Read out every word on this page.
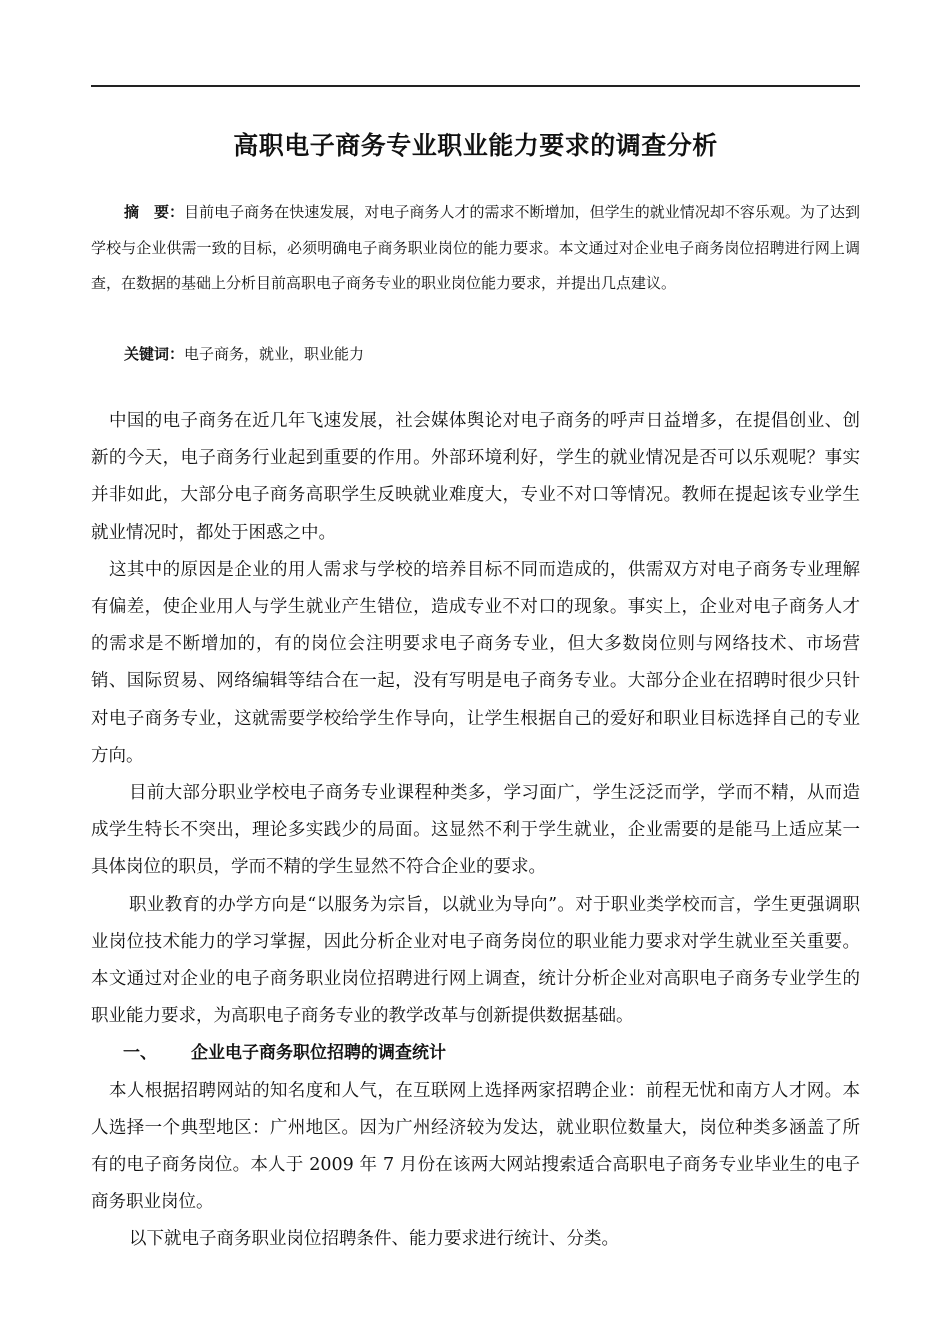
高职电子商务专业职业能力要求的调查分析

摘　要：目前电子商务在快速发展，对电子商务人才的需求不断增加，但学生的就业情况却不容乐观。为了达到学校与企业供需一致的目标，必须明确电子商务职业岗位的能力要求。本文通过对企业电子商务岗位招聘进行网上调查，在数据的基础上分析目前高职电子商务专业的职业岗位能力要求，并提出几点建议。

关键词：电子商务，就业，职业能力

中国的电子商务在近几年飞速发展，社会媒体舆论对电子商务的呼声日益增多，在提倡创业、创新的今天，电子商务行业起到重要的作用。外部环境利好，学生的就业情况是否可以乐观呢？事实并非如此，大部分电子商务高职学生反映就业难度大，专业不对口等情况。教师在提起该专业学生就业情况时，都处于困惑之中。

这其中的原因是企业的用人需求与学校的培养目标不同而造成的，供需双方对电子商务专业理解有偏差，使企业用人与学生就业产生错位，造成专业不对口的现象。事实上，企业对电子商务人才的需求是不断增加的，有的岗位会注明要求电子商务专业，但大多数岗位则与网络技术、市场营销、国际贸易、网络编辑等结合在一起，没有写明是电子商务专业。大部分企业在招聘时很少只针对电子商务专业，这就需要学校给学生作导向，让学生根据自己的爱好和职业目标选择自己的专业方向。

目前大部分职业学校电子商务专业课程种类多，学习面广，学生泛泛而学，学而不精，从而造成学生特长不突出，理论多实践少的局面。这显然不利于学生就业，企业需要的是能马上适应某一具体岗位的职员，学而不精的学生显然不符合企业的要求。

职业教育的办学方向是“以服务为宗旨，以就业为导向”。对于职业类学校而言，学生更强调职业岗位技术能力的学习掌握，因此分析企业对电子商务岗位的职业能力要求对学生就业至关重要。本文通过对企业的电子商务职业岗位招聘进行网上调查，统计分析企业对高职电子商务专业学生的职业能力要求，为高职电子商务专业的教学改革与创新提供数据基础。

一、 企业电子商务职位招聘的调查统计

本人根据招聘网站的知名度和人气，在互联网上选择两家招聘企业：前程无忧和南方人才网。本人选择一个典型地区：广州地区。因为广州经济较为发达，就业职位数量大，岗位种类多涵盖了所有的电子商务岗位。本人于 2009 年 7 月份在该两大网站搜索适合高职电子商务专业毕业生的电子商务职业岗位。

以下就电子商务职业岗位招聘条件、能力要求进行统计、分类。
